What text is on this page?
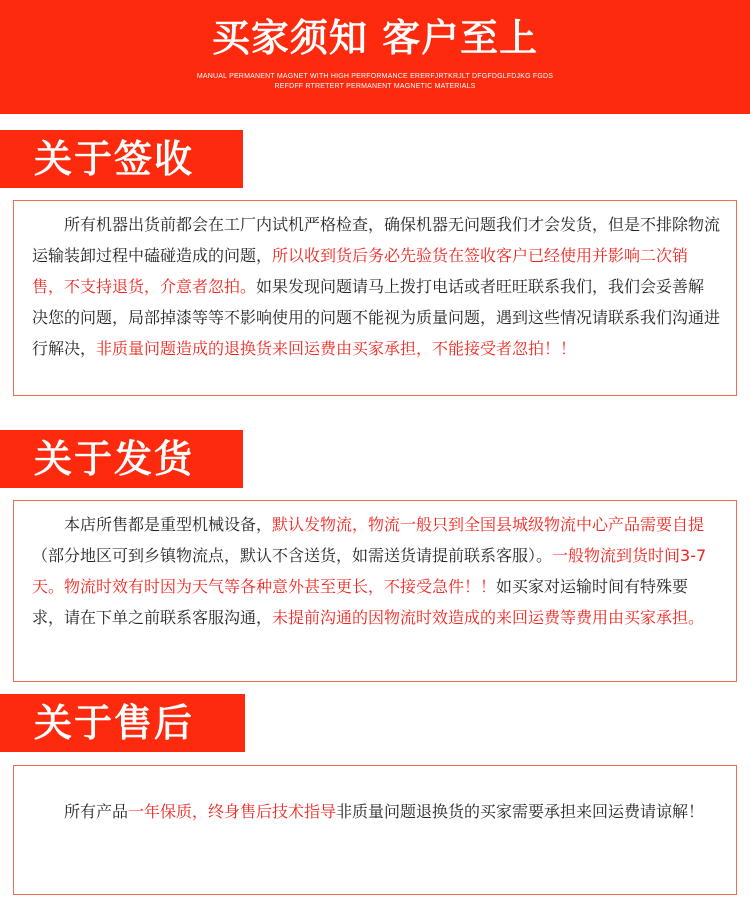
买家须知 客户至上
MANUAL PERMANENT MAGNET WITH HIGH PERFORMANCE ERERFJRTKRJLT DFGFDGLFDJKG FGDS
REFDFF RTRETERT PERMANENT MAGNETIC MATERIALS
关于签收

所有机器出货前都会在工厂内试机严格检查，确保机器无问题我们才会发货，但是不排除物流运输装卸过程中磕碰造成的问题，所以收到货后务必先验货在签收客户已经使用并影响二次销售，不支持退货，介意者忽拍。如果发现问题请马上拨打电话或者旺旺联系我们，我们会妥善解决您的问题，局部掉漆等等不影响使用的问题不能视为质量问题，遇到这些情况请联系我们沟通进行解决，非质量问题造成的退换货来回运费由买家承担，不能接受者忽拍！！

关于发货

本店所售都是重型机械设备，默认发物流，物流一般只到全国县城级物流中心产品需要自提（部分地区可到乡镇物流点，默认不含送货，如需送货请提前联系客服）。一般物流到货时间3-7天。物流时效有时因为天气等各种意外甚至更长，不接受急件！！如买家对运输时间有特殊要求，请在下单之前联系客服沟通，未提前沟通的因物流时效造成的来回运费等费用由买家承担。

关于售后

所有产品一年保质，终身售后技术指导非质量问题退换货的买家需要承担来回运费请谅解！
